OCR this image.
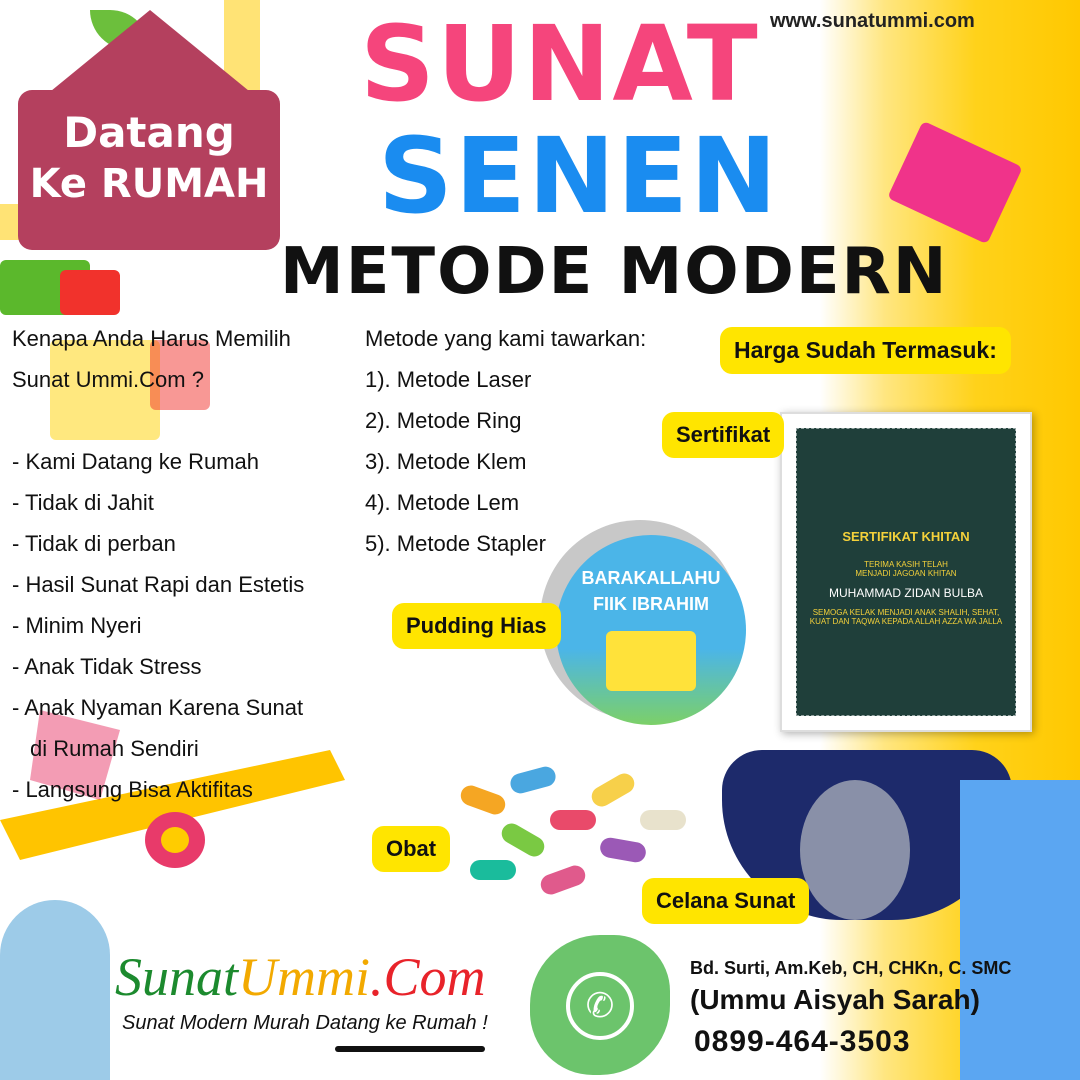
www.sunatummi.com
Datang
Ke RUMAH
SUNAT
SENEN
METODE MODERN
Kenapa Anda Harus Memilih
Sunat Ummi.Com ?
- Kami Datang ke Rumah
- Tidak di Jahit
- Tidak di perban
- Hasil Sunat Rapi dan Estetis
- Minim Nyeri
- Anak Tidak Stress
- Anak Nyaman Karena Sunat
di Rumah Sendiri
- Langsung Bisa Aktifitas
Metode yang kami tawarkan:
1). Metode Laser
2). Metode Ring
3). Metode Klem
4). Metode Lem
5). Metode Stapler
Harga Sudah Termasuk:
SERTIFIKAT KHITAN
TERIMA KASIH TELAH
MENJADI JAGOAN KHITAN
MUHAMMAD ZIDAN BULBA
SEMOGA KELAK MENJADI ANAK SHALIH, SEHAT, KUAT DAN TAQWA KEPADA ALLAH AZZA WA JALLA
Sertifikat
BARAKALLAHU
FIIK IBRAHIM
Pudding Hias
Obat
Celana Sunat
✆
SunatUmmi.Com
Sunat Modern Murah Datang ke Rumah !
Bd. Surti, Am.Keb, CH, CHKn, C. SMC
(Ummu Aisyah Sarah)
0899-464-3503
